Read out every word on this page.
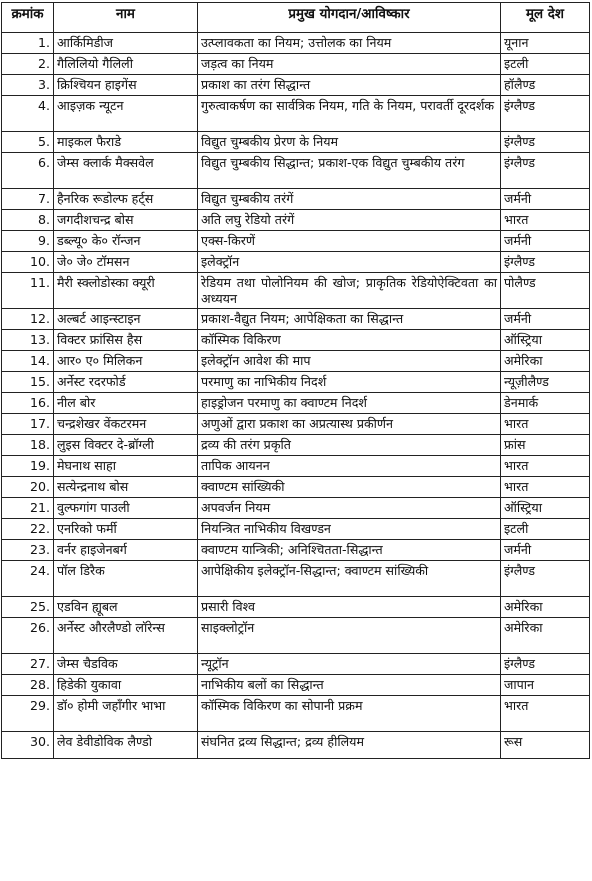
क्रमांक	नाम	प्रमुख योगदान/आविष्कार	मूल देश
1.	आर्किमिडीज	उत्प्लावकता का नियम; उत्तोलक का नियम	यूनान
2.	गैलिलियो गैलिली	जड़त्व का नियम	इटली
3.	क्रिश्चियन हाइगेंस	प्रकाश का तरंग सिद्धान्त	हॉलैण्ड
4.	आइज़क न्यूटन	गुरुत्वाकर्षण का सार्वत्रिक नियम, गति के नियम, परावर्ती दूरदर्शक	इंग्लैण्ड
5.	माइकल फैराडे	विद्युत चुम्बकीय प्रेरण के नियम	इंग्लैण्ड
6.	जेम्स क्लार्क मैक्सवेल	विद्युत चुम्बकीय सिद्धान्त; प्रकाश-एक विद्युत चुम्बकीय तरंग	इंग्लैण्ड
7.	हैनरिक रूडोल्फ हर्ट्स	विद्युत चुम्बकीय तरंगें	जर्मनी
8.	जगदीशचन्द्र बोस	अति लघु रेडियो तरंगें	भारत
9.	डब्ल्यू० के० रॉन्जन	एक्स-किरणें	जर्मनी
10.	जे० जे० टॉमसन	इलेक्ट्रॉन	इंग्लैण्ड
11.	मैरी स्क्लोडोस्का क्यूरी	रेडियम तथा पोलोनियम की खोज; प्राकृतिक रेडियोऐक्टिवता का अध्ययन	पोलैण्ड
12.	अल्बर्ट आइन्स्टाइन	प्रकाश-वैद्युत नियम; आपेक्षिकता का सिद्धान्त	जर्मनी
13.	विक्टर फ्रांसिस हैस	कॉस्मिक विकिरण	ऑस्ट्रिया
14.	आर० ए० मिलिकन	इलेक्ट्रॉन आवेश की माप	अमेरिका
15.	अर्नेस्ट रदरफोर्ड	परमाणु का नाभिकीय निदर्श	न्यूज़ीलैण्ड
16.	नील बोर	हाइड्रोजन परमाणु का क्वाण्टम निदर्श	डेनमार्क
17.	चन्द्रशेखर वेंकटरमन	अणुओं द्वारा प्रकाश का अप्रत्यास्थ प्रकीर्णन	भारत
18.	लुइस विक्टर दे-ब्रॉग्ली	द्रव्य की तरंग प्रकृति	फ्रांस
19.	मेघनाथ साहा	तापिक आयनन	भारत
20.	सत्येन्द्रनाथ बोस	क्वाण्टम सांख्यिकी	भारत
21.	वुल्फगांग पाउली	अपवर्जन नियम	ऑस्ट्रिया
22.	एनरिको फर्मी	नियन्त्रित नाभिकीय विखण्डन	इटली
23.	वर्नर हाइजेनबर्ग	क्वाण्टम यान्त्रिकी; अनिश्चितता-सिद्धान्त	जर्मनी
24.	पॉल डिरैक	आपेक्षिकीय इलेक्ट्रॉन-सिद्धान्त; क्वाण्टम सांख्यिकी	इंग्लैण्ड
25.	एडविन ह्यूबल	प्रसारी विश्व	अमेरिका
26.	अर्नेस्ट औरलैण्डो लॉरेन्स	साइक्लोट्रॉन	अमेरिका
27.	जेम्स चैडविक	न्यूट्रॉन	इंग्लैण्ड
28.	हिडेकी युकावा	नाभिकीय बलों का सिद्धान्त	जापान
29.	डॉ० होमी जहाँगीर भाभा	कॉस्मिक विकिरण का सोपानी प्रक्रम	भारत
30.	लेव डेवीडोविक लैण्डो	संघनित द्रव्य सिद्धान्त; द्रव्य हीलियम	रूस
